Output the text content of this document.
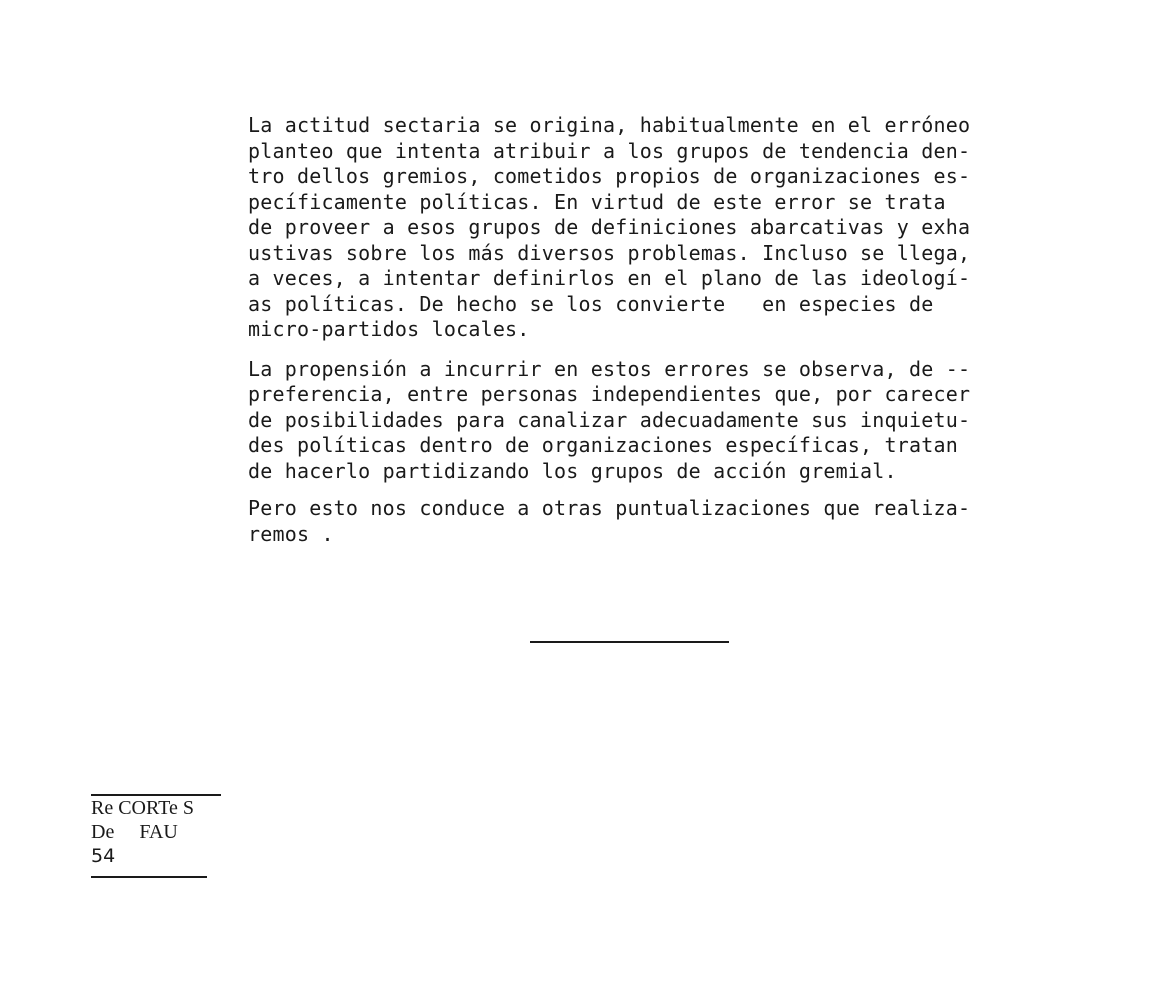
La actitud sectaria se origina, habitualmente en el erróneo
planteo que intenta atribuir a los grupos de tendencia den-
tro dellos gremios, cometidos propios de organizaciones es-
pecíficamente políticas. En virtud de este error se trata
de proveer a esos grupos de definiciones abarcativas y exha
ustivas sobre los más diversos problemas. Incluso se llega,
a veces, a intentar definirlos en el plano de las ideologí-
as políticas. De hecho se los convierte   en especies de
micro-partidos locales.
La propensión a incurrir en estos errores se observa, de --
preferencia, entre personas independientes que, por carecer
de posibilidades para canalizar adecuadamente sus inquietu-
des políticas dentro de organizaciones específicas, tratan
de hacerlo partidizando los grupos de acción gremial.
Pero esto nos conduce a otras puntualizaciones que realiza-
remos .
Re CORTe S
De     FAU
54
